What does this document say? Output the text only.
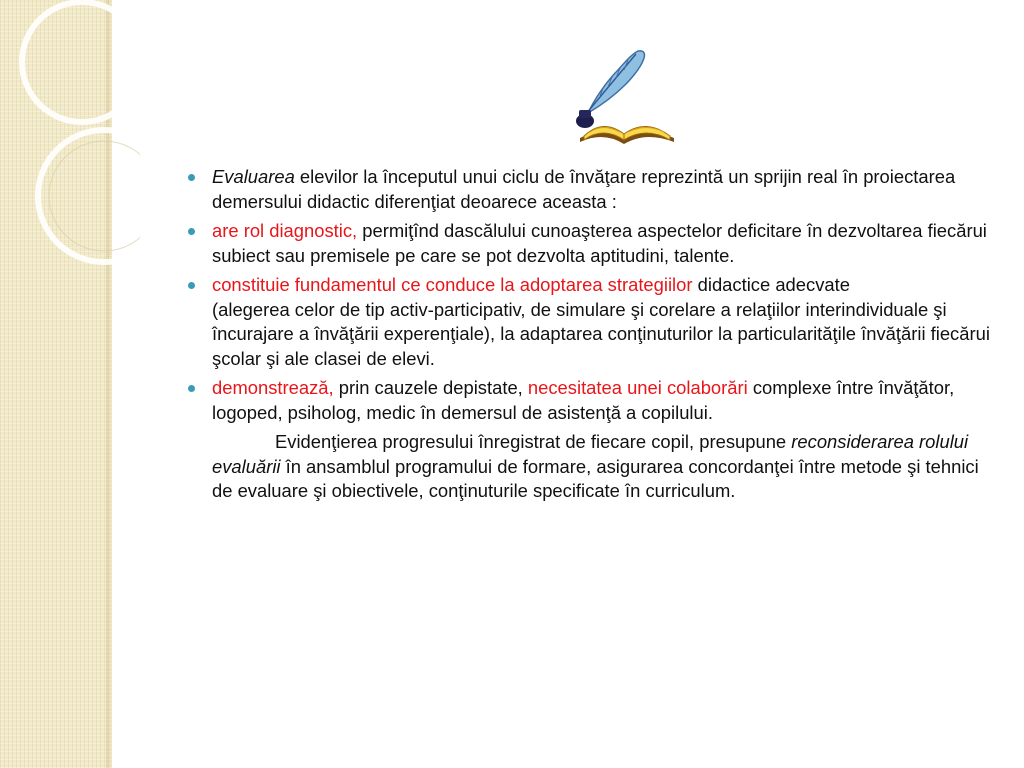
Evaluarea elevilor la începutul unui ciclu de învăţare reprezintă un sprijin real în proiectarea demersului didactic diferenţiat deoarece aceasta :
are rol diagnostic, permiţînd dascălului cunoaşterea aspectelor deficitare în dezvoltarea fiecărui subiect sau premisele pe care se pot dezvolta aptitudini, talente.
constituie fundamentul ce conduce la adoptarea strategiilor didactice adecvate(alegerea celor de tip activ-participativ, de simulare şi corelare a relaţiilor interindividuale şi încurajare a învăţării experenţiale), la adaptarea conţinuturilor la particularităţile învăţării fiecărui şcolar şi ale clasei de elevi.
demonstrează, prin cauzele depistate, necesitatea unei colaborări complexe între învăţător, logoped, psiholog, medic în demersul de asistenţă a copilului.
Evidenţierea progresului înregistrat de fiecare copil, presupune reconsiderarea rolului evaluării în ansamblul programului de formare, asigurarea concordanţei între metode şi tehnici de evaluare şi obiectivele, conţinuturile specificate în curriculum.
